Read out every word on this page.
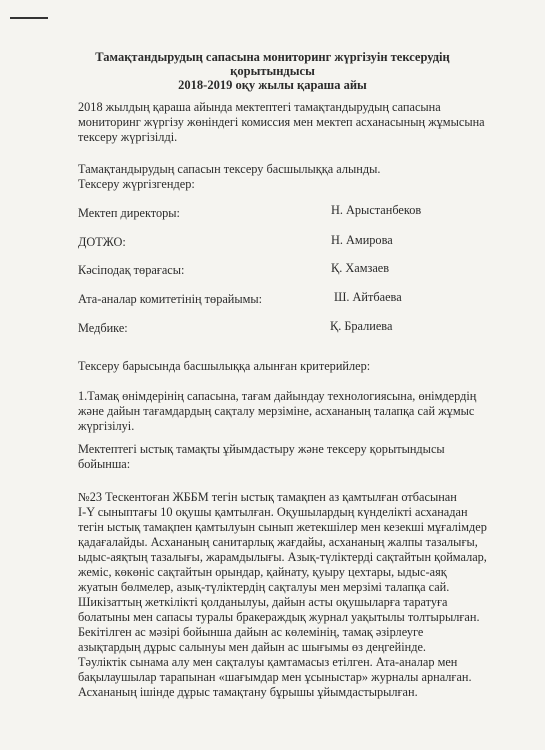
Тамақтандырудың сапасына мониторинг жүргізуін тексерудің
қорытындысы
2018-2019 оқу жылы қараша айы
2018 жылдың қараша айында мектептегі тамақтандырудың сапасына
мониторинг жүргізу жөніндегі комиссия мен мектеп асханасының жұмысына
тексеру жүргізілді.
Тамақтандырудың сапасын тексеру басшылыққа алынды.
Тексеру жүргізгендер:
Мектеп директоры:	Н. Арыстанбеков
ДОТЖО:	Н. Амирова
Кәсіподақ төрағасы:	Қ. Хамзаев
Ата-аналар комитетінің төрайымы:	Ш. Айтбаева
Медбике:	Қ. Бралиева

Тексеру барысында басшылыққа алынған критерийлер:

1.Тамақ өнімдерінің сапасына, тағам дайындау технологиясына, өнімдердің

және дайын тағамдардың сақталу мерзіміне, асхананың талапқа сай жұмыс

жүргізілуі.

Мектептегі ыстық тамақты ұйымдастыру және тексеру қорытындысы

бойынша:

№23 Тескентоған ЖББМ тегін ыстық тамақпен аз қамтылған отбасынан

I-Y сыныптағы 10 оқушы қамтылған. Оқушылардың күнделікті асханадан

тегін ыстық тамақпен қамтылуын сынып жетекшілер мен кезекші мұғалімдер

қадағалайды. Асхананың санитарлық жағдайы, асхананың жалпы тазалығы,

ыдыс-аяқтың тазалығы, жарамдылығы. Азық-түліктерді сақтайтын қоймалар,

жеміс, көкөніс сақтайтын орындар, қайнату, қуыру цехтары, ыдыс-аяқ

жуатын бөлмелер, азық-түліктердің сақталуы мен мерзімі талапқа сай.

Шикізаттың жеткілікті қолданылуы, дайын асты оқушыларға таратуға

болатыны мен сапасы туралы бракераждық журнал уақытылы толтырылған.

Бекітілген ас мәзірі бойынша дайын ас көлемінің, тамақ әзірлеуге

азықтардың дұрыс салынуы мен дайын ас шығымы өз деңгейінде.

Тәуліктік сынама алу мен сақталуы қамтамасыз етілген. Ата-аналар мен

бақылаушылар тарапынан «шағымдар мен ұсыныстар» журналы арналған.

Асхананың ішінде дұрыс тамақтану бұрышы ұйымдастырылған.
